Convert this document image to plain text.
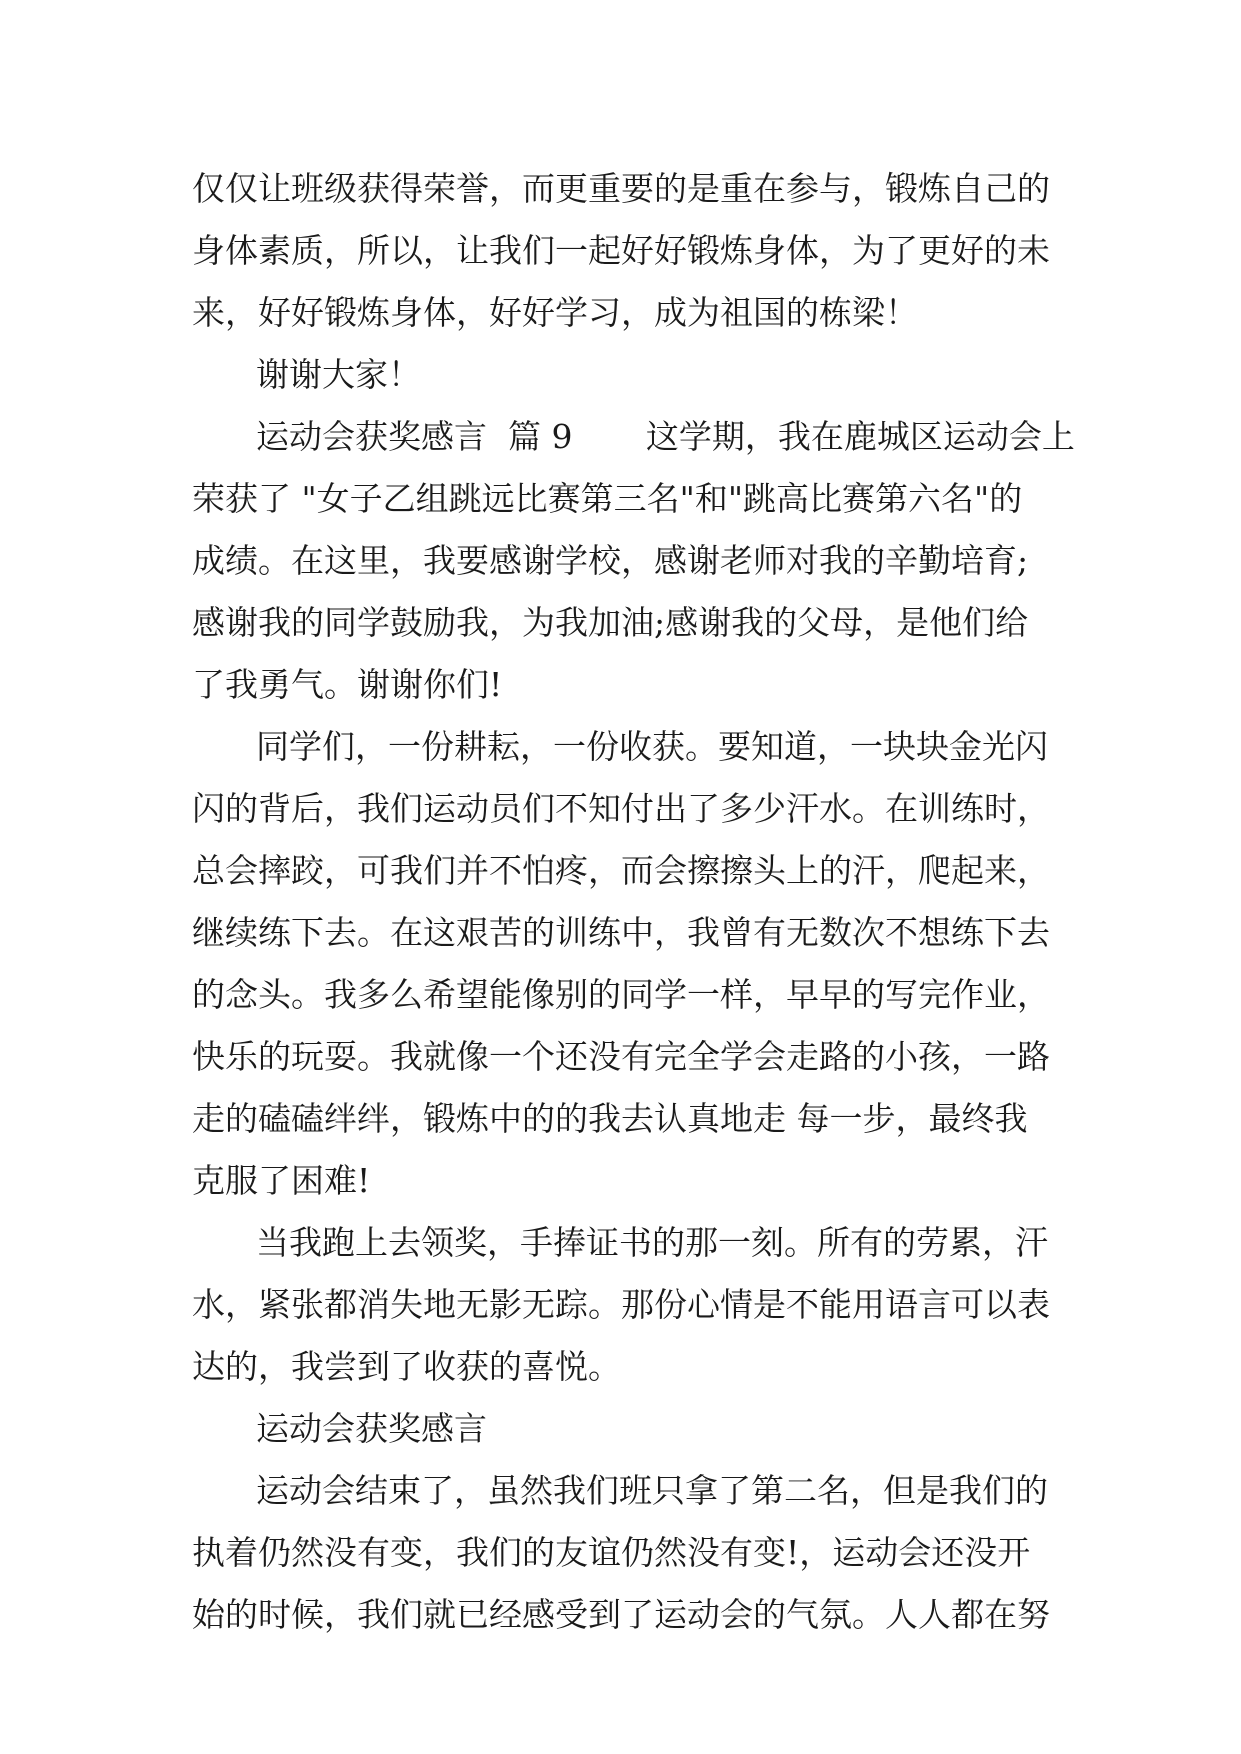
仅仅让班级获得荣誉，而更重要的是重在参与，锻炼自己的
身体素质，所以，让我们一起好好锻炼身体，为了更好的未
来，好好锻炼身体，好好学习，成为祖国的栋梁！
谢谢大家！
运动会获奖感言  篇 9       这学期，我在鹿城区运动会上
荣获了 "女子乙组跳远比赛第三名"和"跳高比赛第六名"的
成绩。在这里，我要感谢学校，感谢老师对我的辛勤培育;
感谢我的同学鼓励我，为我加油;感谢我的父母，是他们给
了我勇气。谢谢你们!
同学们，一份耕耘，一份收获。要知道，一块块金光闪
闪的背后，我们运动员们不知付出了多少汗水。在训练时，
总会摔跤，可我们并不怕疼，而会擦擦头上的汗，爬起来，
继续练下去。在这艰苦的训练中，我曾有无数次不想练下去
的念头。我多么希望能像别的同学一样，早早的写完作业，
快乐的玩耍。我就像一个还没有完全学会走路的小孩，一路
走的磕磕绊绊，锻炼中的的我去认真地走 每一步，最终我
克服了困难!
当我跑上去领奖，手捧证书的那一刻。所有的劳累，汗
水，紧张都消失地无影无踪。那份心情是不能用语言可以表
达的，我尝到了收获的喜悦。
运动会获奖感言
运动会结束了，虽然我们班只拿了第二名，但是我们的
执着仍然没有变，我们的友谊仍然没有变!，运动会还没开
始的时候，我们就已经感受到了运动会的气氛。人人都在努
